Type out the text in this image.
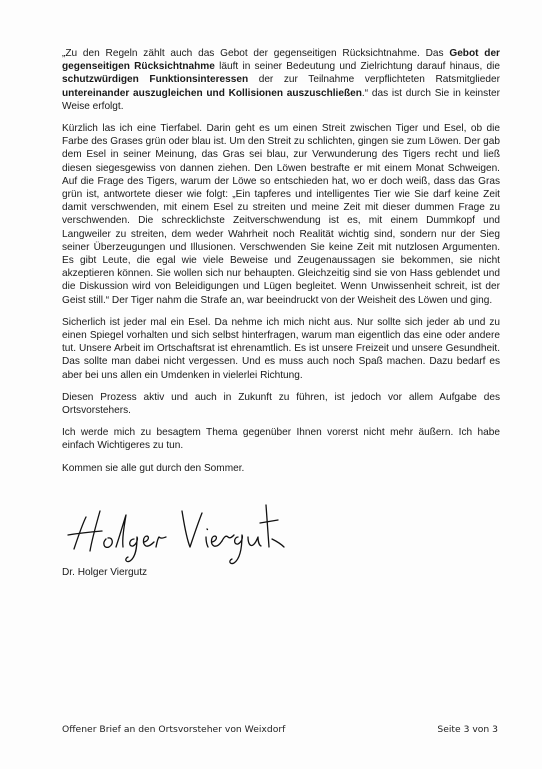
„Zu den Regeln zählt auch das Gebot der gegenseitigen Rücksichtnahme. Das Gebot der gegenseitigen Rücksichtnahme läuft in seiner Bedeutung und Zielrichtung darauf hinaus, die schutzwürdigen Funktionsinteressen der zur Teilnahme verpflichteten Ratsmitglieder untereinander auszugleichen und Kollisionen auszuschließen.“ das ist durch Sie in keinster Weise erfolgt.

Kürzlich las ich eine Tierfabel. Darin geht es um einen Streit zwischen Tiger und Esel, ob die Farbe des Grases grün oder blau ist. Um den Streit zu schlichten, gingen sie zum Löwen. Der gab dem Esel in seiner Meinung, das Gras sei blau, zur Verwunderung des Tigers recht und ließ diesen siegesgewiss von dannen ziehen. Den Löwen bestrafte er mit einem Monat Schweigen. Auf die Frage des Tigers, warum der Löwe so entschieden hat, wo er doch weiß, dass das Gras grün ist, antwortete dieser wie folgt: „Ein tapferes und intelligentes Tier wie Sie darf keine Zeit damit verschwenden, mit einem Esel zu streiten und meine Zeit mit dieser dummen Frage zu verschwenden. Die schrecklichste Zeitverschwendung ist es, mit einem Dummkopf und Langweiler zu streiten, dem weder Wahrheit noch Realität wichtig sind, sondern nur der Sieg seiner Überzeugungen und Illusionen. Verschwenden Sie keine Zeit mit nutzlosen Argumenten. Es gibt Leute, die egal wie viele Beweise und Zeugenaussagen sie bekommen, sie nicht akzeptieren können. Sie wollen sich nur behaupten. Gleichzeitig sind sie von Hass geblendet und die Diskussion wird von Beleidigungen und Lügen begleitet. Wenn Unwissenheit schreit, ist der Geist still.“ Der Tiger nahm die Strafe an, war beeindruckt von der Weisheit des Löwen und ging.

Sicherlich ist jeder mal ein Esel. Da nehme ich mich nicht aus. Nur sollte sich jeder ab und zu einen Spiegel vorhalten und sich selbst hinterfragen, warum man eigentlich das eine oder andere tut. Unsere Arbeit im Ortschaftsrat ist ehrenamtlich. Es ist unsere Freizeit und unsere Gesundheit. Das sollte man dabei nicht vergessen. Und es muss auch noch Spaß machen. Dazu bedarf es aber bei uns allen ein Umdenken in vielerlei Richtung.

Diesen Prozess aktiv und auch in Zukunft zu führen, ist jedoch vor allem Aufgabe des Ortsvorstehers.

Ich werde mich zu besagtem Thema gegenüber Ihnen vorerst nicht mehr äußern. Ich habe einfach Wichtigeres zu tun.

Kommen sie alle gut durch den Sommer.

Dr. Holger Viergutz
Offener Brief an den Ortsvorsteher von Weixdorf	Seite 3 von 3
